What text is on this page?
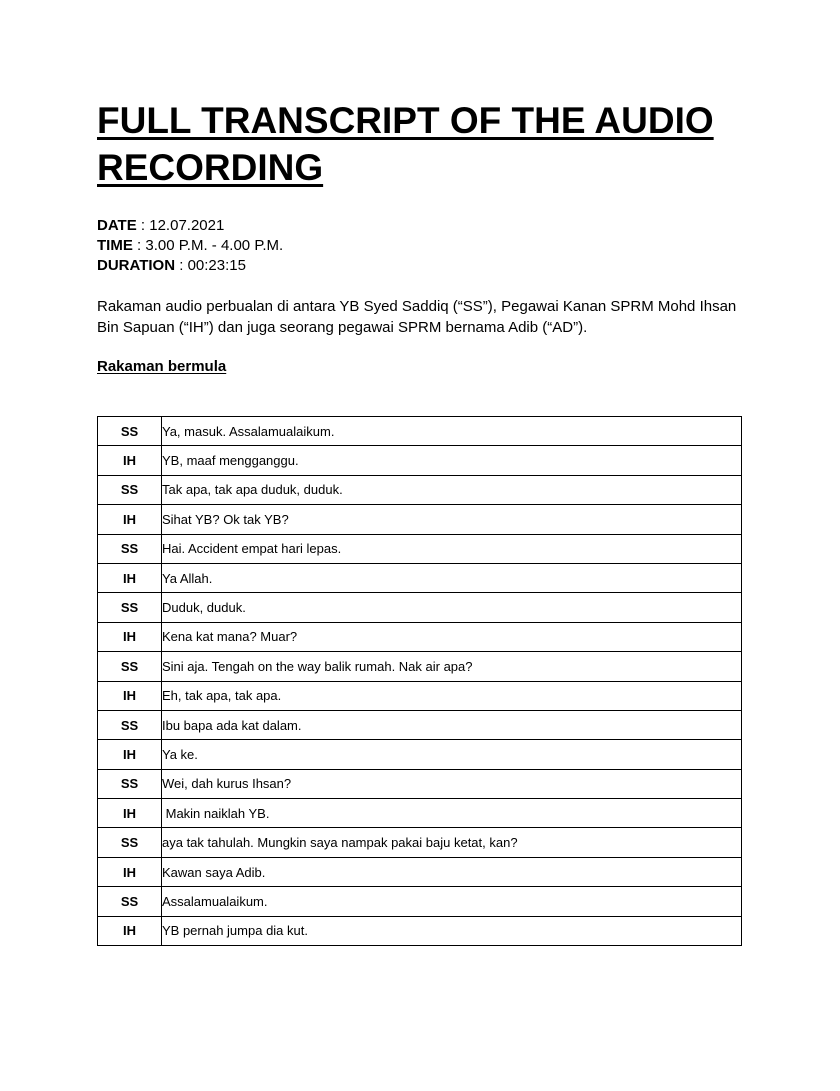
FULL TRANSCRIPT OF THE AUDIO RECORDING
DATE : 12.07.2021
TIME : 3.00 P.M. - 4.00 P.M.
DURATION : 00:23:15

Rakaman audio perbualan di antara YB Syed Saddiq (“SS”), Pegawai Kanan SPRM Mohd Ihsan Bin Sapuan (“IH”) dan juga seorang pegawai SPRM bernama Adib (“AD”).

Rakaman bermula

SS	Ya, masuk. Assalamualaikum.
IH	YB, maaf mengganggu.
SS	Tak apa, tak apa duduk, duduk.
IH	Sihat YB? Ok tak YB?
SS	Hai. Accident empat hari lepas.
IH	Ya Allah.
SS	Duduk, duduk.
IH	Kena kat mana? Muar?
SS	Sini aja. Tengah on the way balik rumah. Nak air apa?
IH	Eh, tak apa, tak apa.
SS	Ibu bapa ada kat dalam.
IH	Ya ke.
SS	Wei, dah kurus Ihsan?
IH	Makin naiklah YB.
SS	aya tak tahulah. Mungkin saya nampak pakai baju ketat, kan?
IH	Kawan saya Adib.
SS	Assalamualaikum.
IH	YB pernah jumpa dia kut.
